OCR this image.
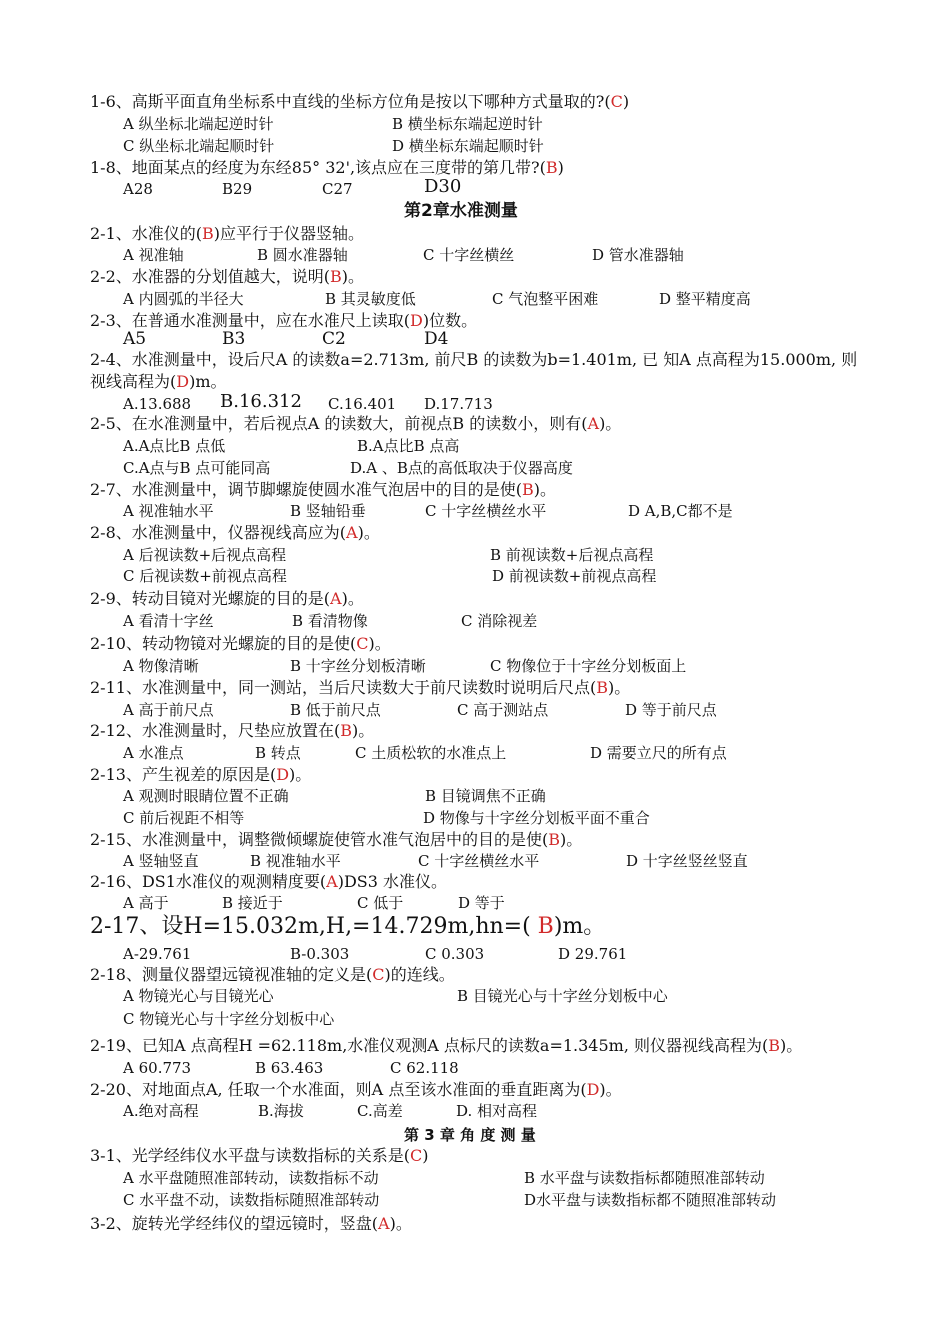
1-6、高斯平面直角坐标系中直线的坐标方位角是按以下哪种方式量取的?(C)
A 纵坐标北端起逆时针	B 横坐标东端起逆时针
C 纵坐标北端起顺时针	D 横坐标东端起顺时针
1-8、地面某点的经度为东经85° 32',该点应在三度带的第几带?(B)
A28	B29	C27	D30
第2章水准测量
2-1、水准仪的(B)应平行于仪器竖轴。
A 视准轴	B 圆水准器轴	C 十字丝横丝	D 管水准器轴
2-2、水准器的分划值越大，说明(B)。
A 内圆弧的半径大	B 其灵敏度低	C 气泡整平困难	D 整平精度高
2-3、在普通水准测量中，应在水准尺上读取(D)位数。
A5	B3	C2	D4
2-4、水准测量中，设后尺A 的读数a=2.713m, 前尺B 的读数为b=1.401m, 已 知A 点高程为15.000m, 则
视线高程为(D)m。
A.13.688 B.16.312 C.16.401 D.17.713
2-5、在水准测量中，若后视点A 的读数大，前视点B 的读数小，则有(A)。
A.A点比B 点低	B.A点比B 点高
C.A点与B 点可能同高	D.A 、B点的高低取决于仪器高度
2-7、水准测量中，调节脚螺旋使圆水准气泡居中的目的是使(B)。
A 视准轴水平	B 竖轴铅垂	C 十字丝横丝水平	D A,B,C都不是
2-8、水准测量中，仪器视线高应为(A)。
A 后视读数+后视点高程	B 前视读数+后视点高程
C 后视读数+前视点高程	D 前视读数+前视点高程
2-9、转动目镜对光螺旋的目的是(A)。
A 看清十字丝	B 看清物像	C 消除视差
2-10、转动物镜对光螺旋的目的是使(C)。
A 物像清晰	B 十字丝分划板清晰	C 物像位于十字丝分划板面上
2-11、水准测量中，同一测站，当后尺读数大于前尺读数时说明后尺点(B)。
A 高于前尺点	B 低于前尺点	C 高于测站点	D 等于前尺点
2-12、水准测量时，尺垫应放置在(B)。
A 水准点	B 转点	C 土质松软的水准点上	D 需要立尺的所有点
2-13、产生视差的原因是(D)。
A 观测时眼睛位置不正确	B 目镜调焦不正确
C 前后视距不相等	D 物像与十字丝分划板平面不重合
2-15、水准测量中，调整微倾螺旋使管水准气泡居中的目的是使(B)。
A 竖轴竖直	B 视准轴水平	C 十字丝横丝水平	D 十字丝竖丝竖直
2-16、DS1水准仪的观测精度要(A)DS3 水准仪。
A 高于	B 接近于	C 低于	D 等于
2-17、设H=15.032m,H,=14.729m,hn=( B)m。
A-29.761	B-0.303	C 0.303	D 29.761
2-18、测量仪器望远镜视准轴的定义是(C)的连线。
A 物镜光心与目镜光心	B 目镜光心与十字丝分划板中心
C 物镜光心与十字丝分划板中心
2-19、已知A 点高程H =62.118m,水准仪观测A 点标尺的读数a=1.345m, 则仪器视线高程为(B)。
A 60.773	B 63.463	C 62.118
2-20、对地面点A, 任取一个水准面，则A 点至该水准面的垂直距离为(D)。
A.绝对高程	B.海拔	C.高差	D. 相对高程
第 3 章 角 度 测 量
3-1、光学经纬仪水平盘与读数指标的关系是(C)
A 水平盘随照准部转动，读数指标不动	B 水平盘与读数指标都随照准部转动
C 水平盘不动，读数指标随照准部转动	D水平盘与读数指标都不随照准部转动
3-2、旋转光学经纬仪的望远镜时，竖盘(A)。
